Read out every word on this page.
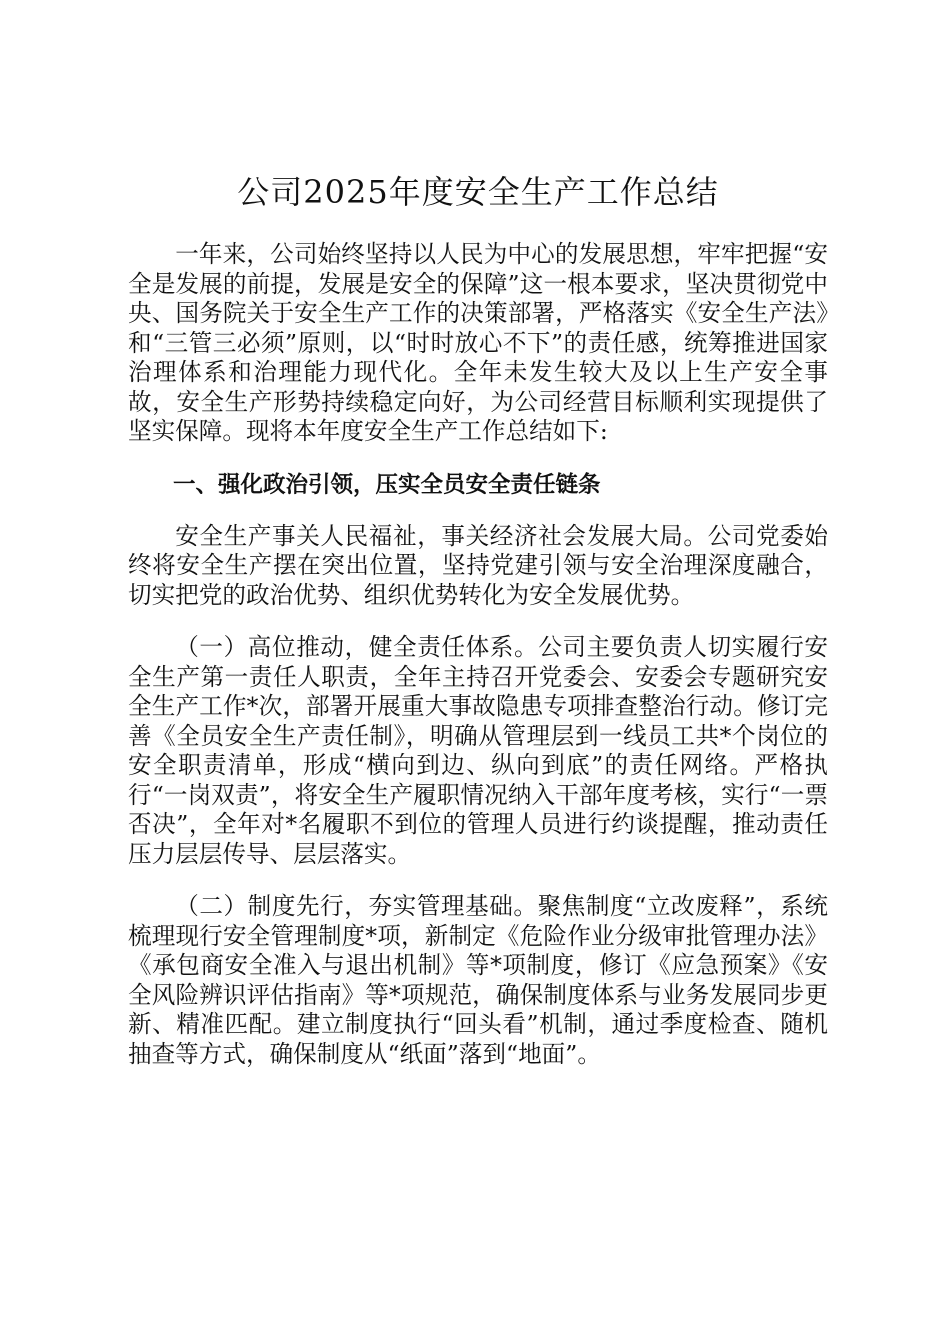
公司2025年度安全生产工作总结

一年来，公司始终坚持以人民为中心的发展思想，牢牢把握“安全是发展的前提，发展是安全的保障”这一根本要求，坚决贯彻党中央、国务院关于安全生产工作的决策部署，严格落实《安全生产法》和“三管三必须”原则，以“时时放心不下”的责任感，统筹推进国家治理体系和治理能力现代化。全年未发生较大及以上生产安全事故，安全生产形势持续稳定向好，为公司经营目标顺利实现提供了坚实保障。现将本年度安全生产工作总结如下:

一、强化政治引领，压实全员安全责任链条

安全生产事关人民福祉，事关经济社会发展大局。公司党委始终将安全生产摆在突出位置，坚持党建引领与安全治理深度融合，切实把党的政治优势、组织优势转化为安全发展优势。

（一）高位推动，健全责任体系。公司主要负责人切实履行安全生产第一责任人职责，全年主持召开党委会、安委会专题研究安全生产工作*次，部署开展重大事故隐患专项排查整治行动。修订完善《全员安全生产责任制》，明确从管理层到一线员工共*个岗位的安全职责清单，形成“横向到边、纵向到底”的责任网络。严格执行“一岗双责”，将安全生产履职情况纳入干部年度考核，实行“一票否决”，全年对*名履职不到位的管理人员进行约谈提醒，推动责任压力层层传导、层层落实。

（二）制度先行，夯实管理基础。聚焦制度“立改废释”，系统梳理现行安全管理制度*项，新制定《危险作业分级审批管理办法》《承包商安全准入与退出机制》等*项制度，修订《应急预案》《安全风险辨识评估指南》等*项规范，确保制度体系与业务发展同步更新、精准匹配。建立制度执行“回头看”机制，通过季度检查、随机抽查等方式，确保制度从“纸面”落到“地面”。
